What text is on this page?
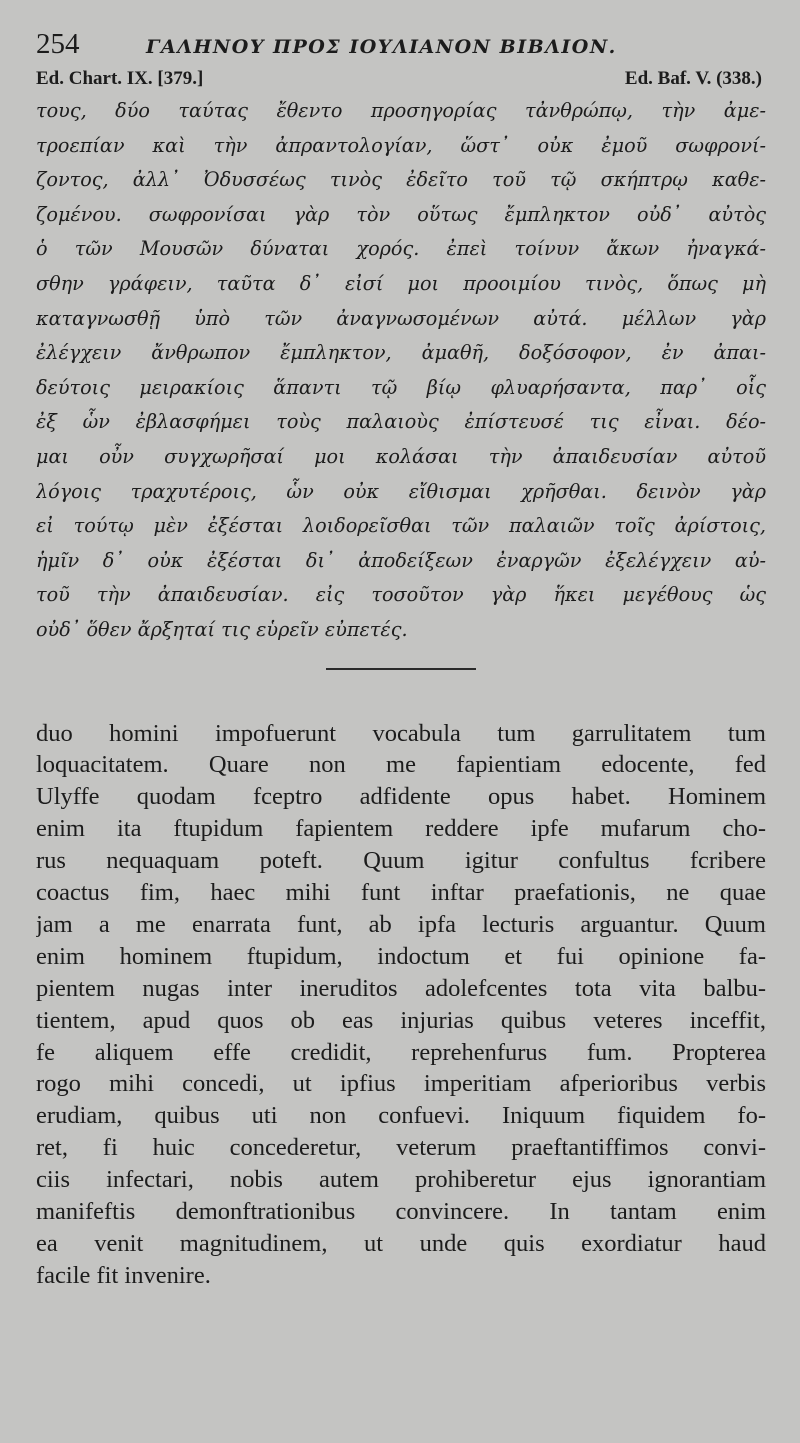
254	ΓΑΛΗΝΟΥ ΠΡΟΣ ΙΟΥΛΙΑΝΟΝ ΒΙΒΛΙΟΝ.
Ed. Chart. IX. [379.]	Ed. Baf. V. (338.)
τους, δύο ταύτας ἔθεντο προσηγορίας τἀνθρώπῳ, τὴν ἀμε-
τροεπίαν καὶ τὴν ἀπραντολογίαν, ὥστ᾽ οὐκ ἐμοῦ σωφρονί-
ζοντος, ἀλλ᾽ Ὀδυσσέως τινὸς ἐδεῖτο τοῦ τῷ σκήπτρῳ καθε-
ζομένου. σωφρονίσαι γὰρ τὸν οὕτως ἔμπληκτον οὐδ᾽ αὐτὸς
ὁ τῶν Μουσῶν δύναται χορός. ἐπεὶ τοίνυν ἄκων ἠναγκά-
σθην γράφειν, ταῦτα δ᾽ εἰσί μοι προοιμίου τινὸς, ὅπως μὴ
καταγνωσθῇ ὑπὸ τῶν ἀναγνωσομένων αὐτά. μέλλων γὰρ
ἐλέγχειν ἄνθρωπον ἔμπληκτον, ἀμαθῆ, δοξόσοφον, ἐν ἀπαι-
δεύτοις μειρακίοις ἅπαντι τῷ βίῳ φλυαρήσαντα, παρ᾽ οἷς
ἐξ ὧν ἐβλασφήμει τοὺς παλαιοὺς ἐπίστευσέ τις εἶναι. δέο-
μαι οὖν συγχωρῆσαί μοι κολάσαι τὴν ἀπαιδευσίαν αὐτοῦ
λόγοις τραχυτέροις, ὧν οὐκ εἴθισμαι χρῆσθαι. δεινὸν γὰρ
εἰ τούτῳ μὲν ἐξέσται λοιδορεῖσθαι τῶν παλαιῶν τοῖς ἀρίστοις,
ἡμῖν δ᾽ οὐκ ἐξέσται δι᾽ ἀποδείξεων ἐναργῶν ἐξελέγχειν αὐ-
τοῦ τὴν ἀπαιδευσίαν. εἰς τοσοῦτον γὰρ ἥκει μεγέθους ὡς
οὐδ᾽ ὅθεν ἄρξηταί τις εὑρεῖν εὐπετές.
duo homini impofuerunt vocabula tum garrulitatem tum
loquacitatem. Quare non me fapientiam edocente, fed
Ulyffe quodam fceptro adfidente opus habet. Hominem
enim ita ftupidum fapientem reddere ipfe mufarum cho-
rus nequaquam poteft. Quum igitur confultus fcribere
coactus fim, haec mihi funt inftar praefationis, ne quae
jam a me enarrata funt, ab ipfa lecturis arguantur. Quum
enim hominem ftupidum, indoctum et fui opinione fa-
pientem nugas inter ineruditos adolefcentes tota vita balbu-
tientem, apud quos ob eas injurias quibus veteres inceffit,
fe aliquem effe credidit, reprehenfurus fum. Propterea
rogo mihi concedi, ut ipfius imperitiam afperioribus verbis
erudiam, quibus uti non confuevi. Iniquum fiquidem fo-
ret, fi huic concederetur, veterum praeftantiffimos convi-
ciis infectari, nobis autem prohiberetur ejus ignorantiam
manifeftis demonftrationibus convincere. In tantam enim
ea venit magnitudinem, ut unde quis exordiatur haud
facile fit invenire.
